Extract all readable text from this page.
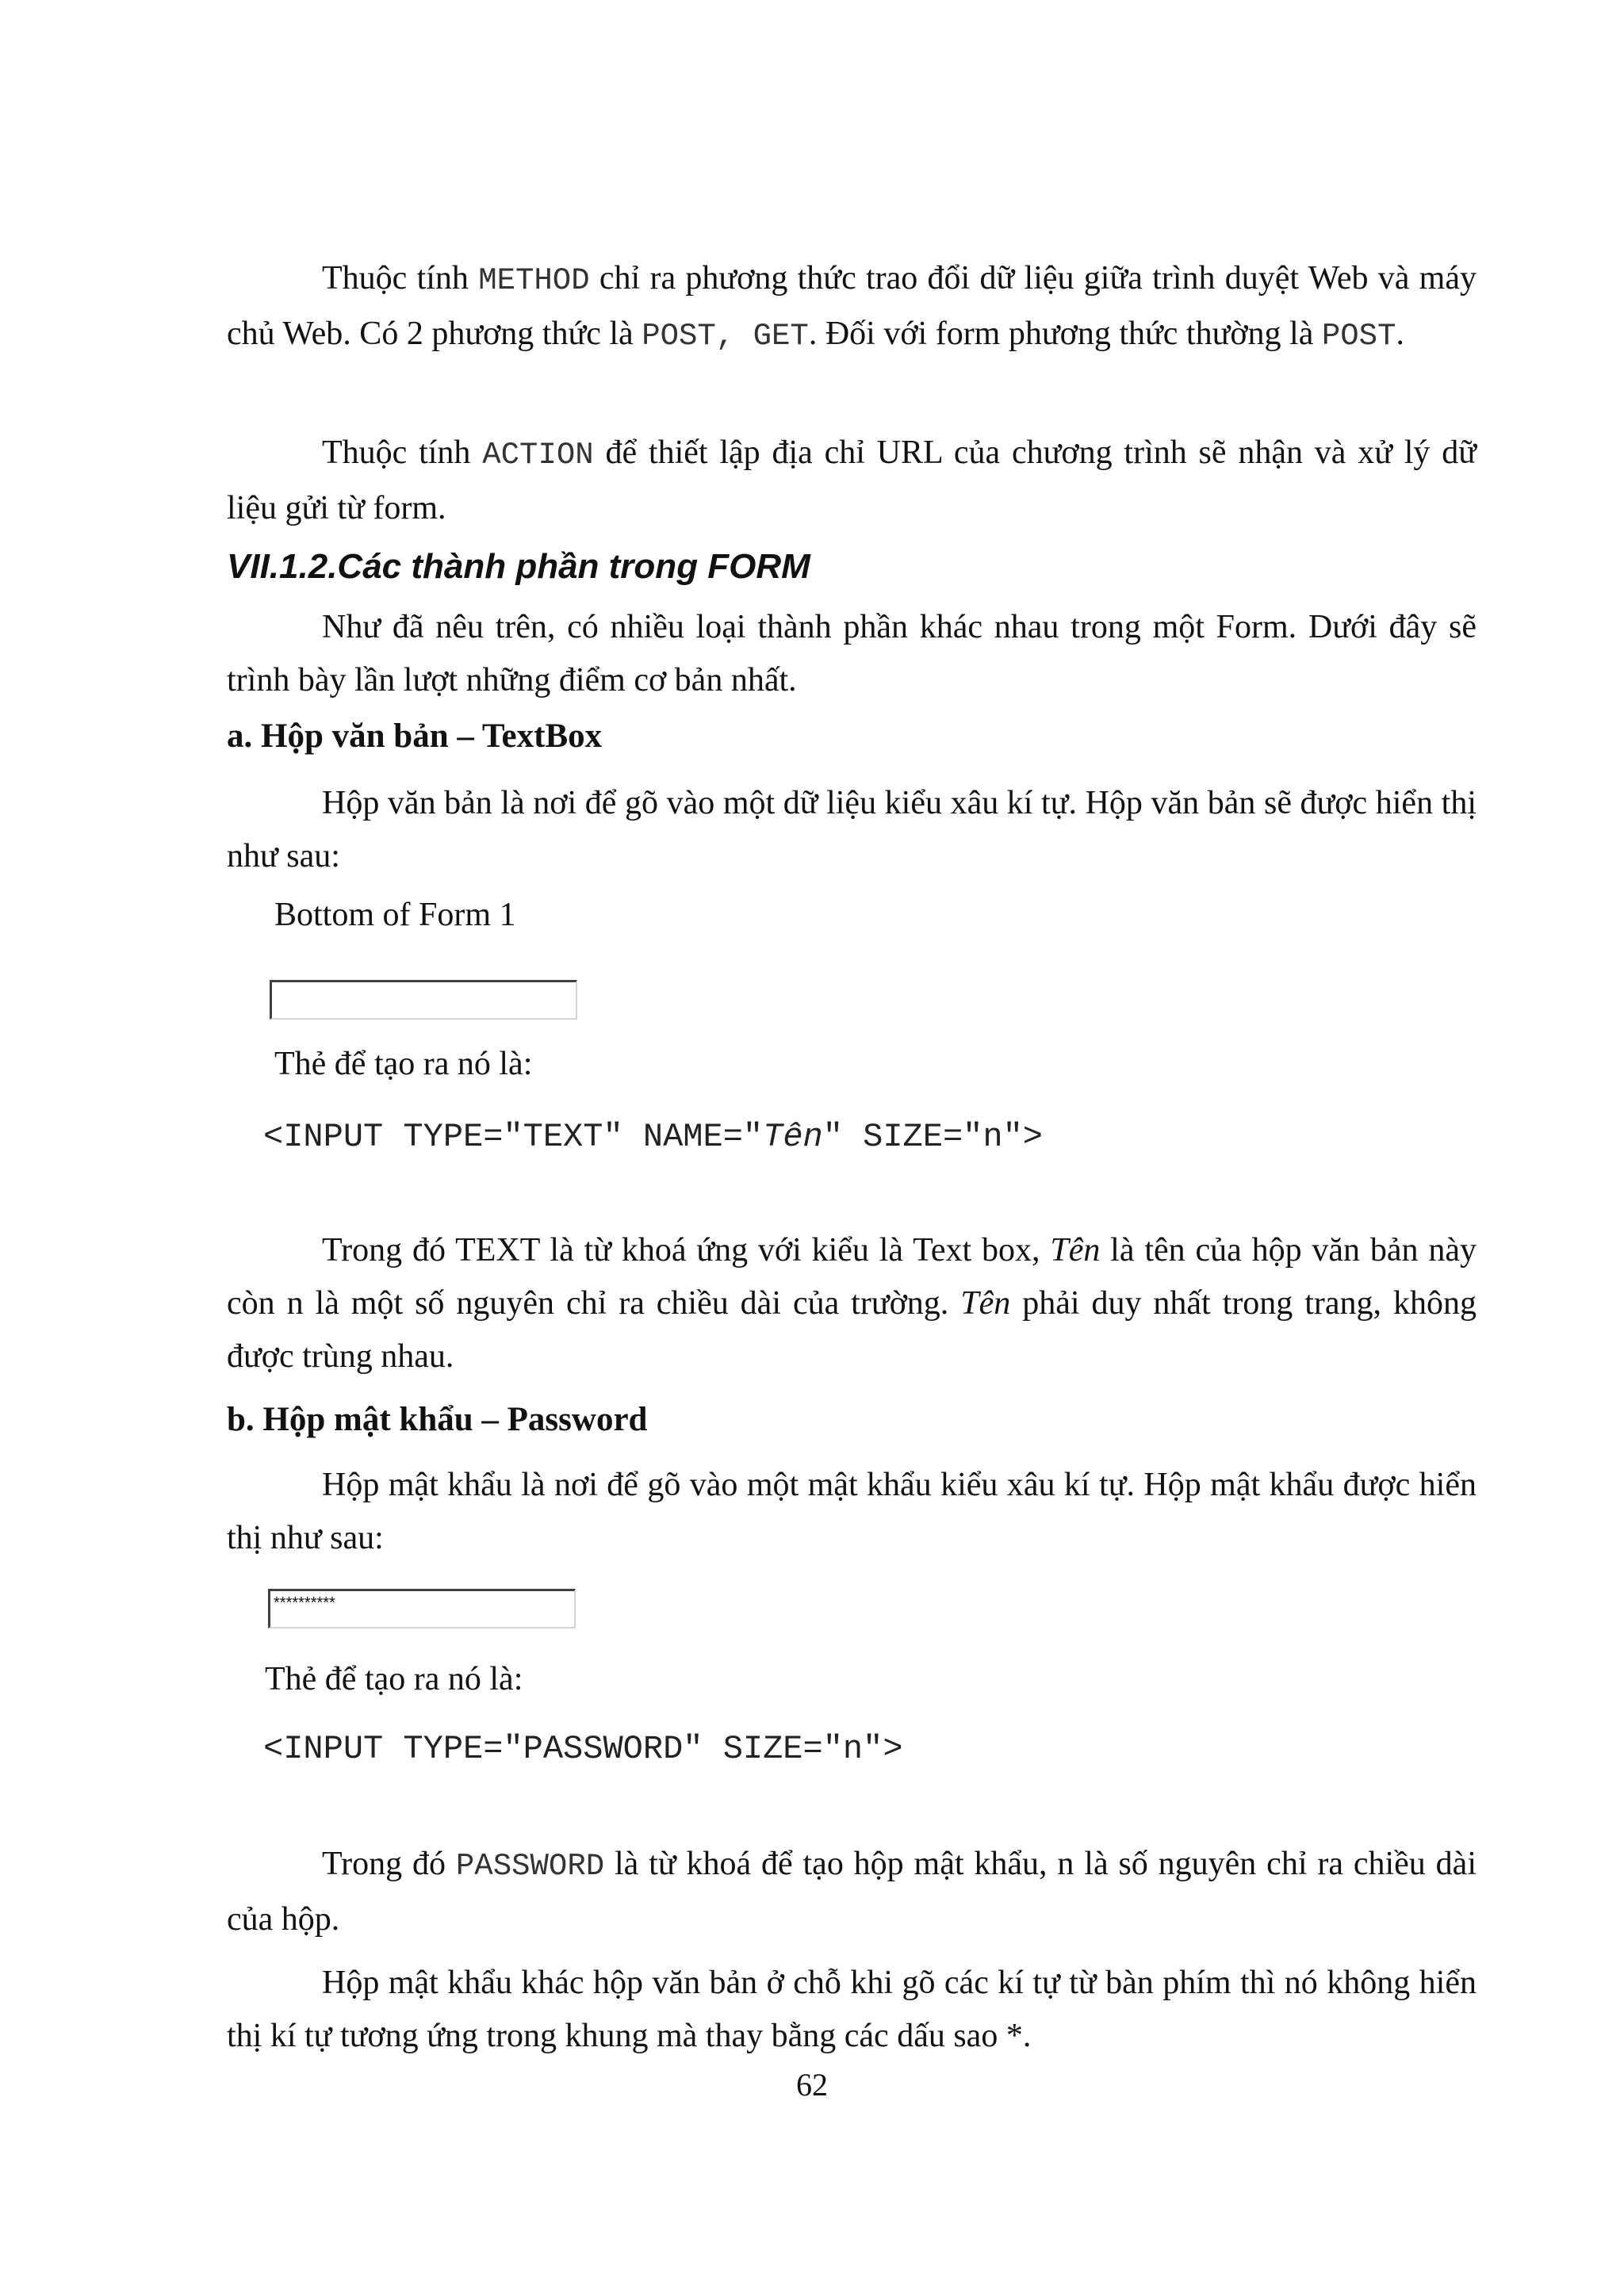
Thuộc tính METHOD chỉ ra phương thức trao đổi dữ liệu giữa trình duyệt Web và máy chủ Web. Có 2 phương thức là POST, GET. Đối với form phương thức thường là POST.

Thuộc tính ACTION để thiết lập địa chỉ URL của chương trình sẽ nhận và xử lý dữ liệu gửi từ form.

VII.1.2.Các thành phần trong FORM

Như đã nêu trên, có nhiều loại thành phần khác nhau trong một Form. Dưới đây sẽ trình bày lần lượt những điểm cơ bản nhất.

a. Hộp văn bản – TextBox

Hộp văn bản là nơi để gõ vào một dữ liệu kiểu xâu kí tự. Hộp văn bản sẽ được hiển thị như sau:

Bottom of Form 1

Thẻ để tạo ra nó là:

<INPUT TYPE="TEXT" NAME="Tên" SIZE="n">

Trong đó TEXT là từ khoá ứng với kiểu là Text box, Tên là tên của hộp văn bản này còn n là một số nguyên chỉ ra chiều dài của trường. Tên phải duy nhất trong trang, không được trùng nhau.

b. Hộp mật khẩu – Password

Hộp mật khẩu là nơi để gõ vào một mật khẩu kiểu xâu kí tự. Hộp mật khẩu được hiển thị như sau:

**********

Thẻ để tạo ra nó là:

<INPUT TYPE="PASSWORD" SIZE="n">

Trong đó PASSWORD là từ khoá để tạo hộp mật khẩu, n là số nguyên chỉ ra chiều dài của hộp.

Hộp mật khẩu khác hộp văn bản ở chỗ khi gõ các kí tự từ bàn phím thì nó không hiển thị kí tự tương ứng trong khung mà thay bằng các dấu sao *.

62
